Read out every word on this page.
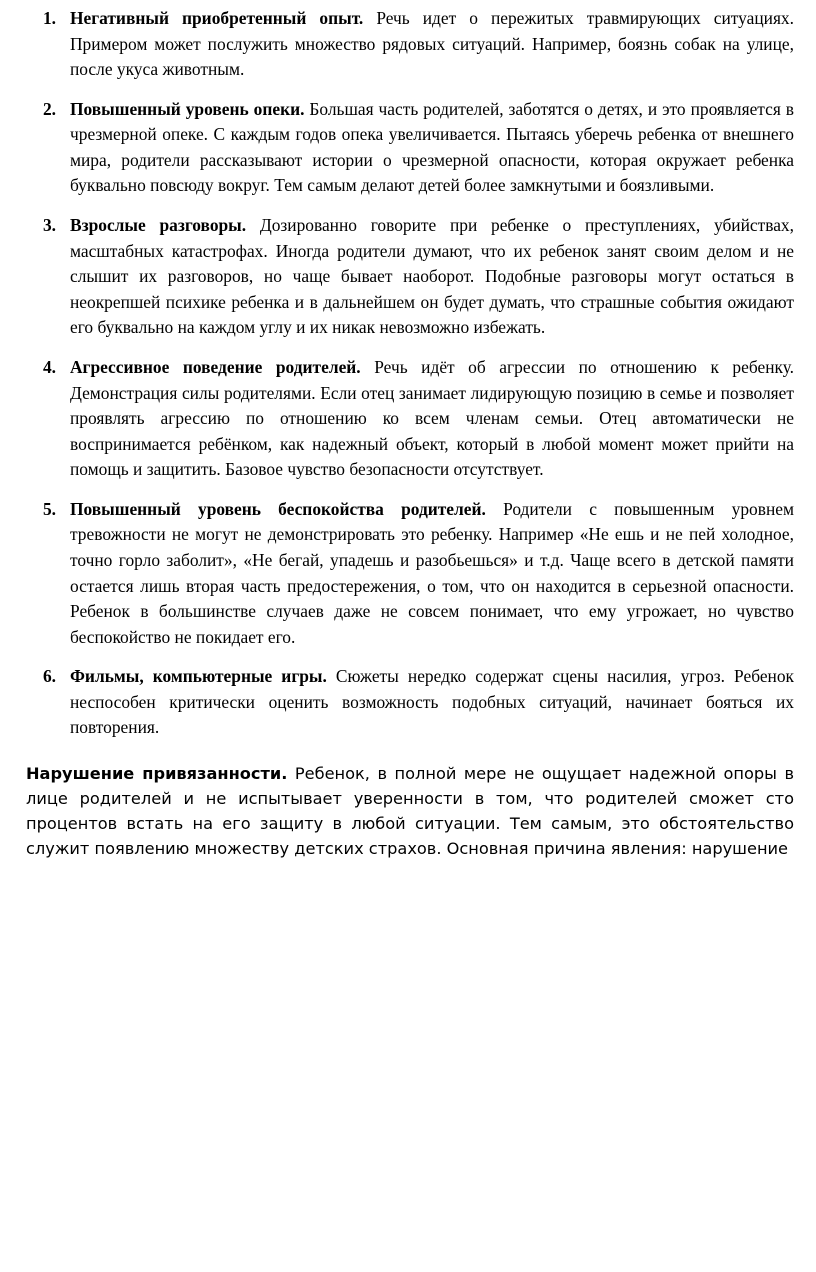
1. Негативный приобретенный опыт. Речь идет о пережитых травмирующих ситуациях. Примером может послужить множество рядовых ситуаций. Например, боязнь собак на улице, после укуса животным.
2. Повышенный уровень опеки. Большая часть родителей, заботятся о детях, и это проявляется в чрезмерной опеке. С каждым годов опека увеличивается. Пытаясь уберечь ребенка от внешнего мира, родители рассказывают истории о чрезмерной опасности, которая окружает ребенка буквально повсюду вокруг. Тем самым делают детей более замкнутыми и боязливыми.
3. Взрослые разговоры. Дозированно говорите при ребенке о преступлениях, убийствах, масштабных катастрофах. Иногда родители думают, что их ребенок занят своим делом и не слышит их разговоров, но чаще бывает наоборот. Подобные разговоры могут остаться в неокрепшей психике ребенка и в дальнейшем он будет думать, что страшные события ожидают его буквально на каждом углу и их никак невозможно избежать.
4. Агрессивное поведение родителей. Речь идёт об агрессии по отношению к ребенку. Демонстрация силы родителями. Если отец занимает лидирующую позицию в семье и позволяет проявлять агрессию по отношению ко всем членам семьи. Отец автоматически не воспринимается ребёнком, как надежный объект, который в любой момент может прийти на помощь и защитить. Базовое чувство безопасности отсутствует.
5. Повышенный уровень беспокойства родителей. Родители с повышенным уровнем тревожности не могут не демонстрировать это ребенку. Например «Не ешь и не пей холодное, точно горло заболит», «Не бегай, упадешь и разобьешься» и т.д. Чаще всего в детской памяти остается лишь вторая часть предостережения, о том, что он находится в серьезной опасности. Ребенок в большинстве случаев даже не совсем понимает, что ему угрожает, но чувство беспокойство не покидает его.
6. Фильмы, компьютерные игры. Сюжеты нередко содержат сцены насилия, угроз. Ребенок неспособен критически оценить возможность подобных ситуаций, начинает бояться их повторения.

Нарушение привязанности. Ребенок, в полной мере не ощущает надежной опоры в лице родителей и не испытывает уверенности в том, что родителей сможет сто процентов встать на его защиту в любой ситуации. Тем самым, это обстоятельство служит появлению множеству детских страхов. Основная причина явления: нарушение
